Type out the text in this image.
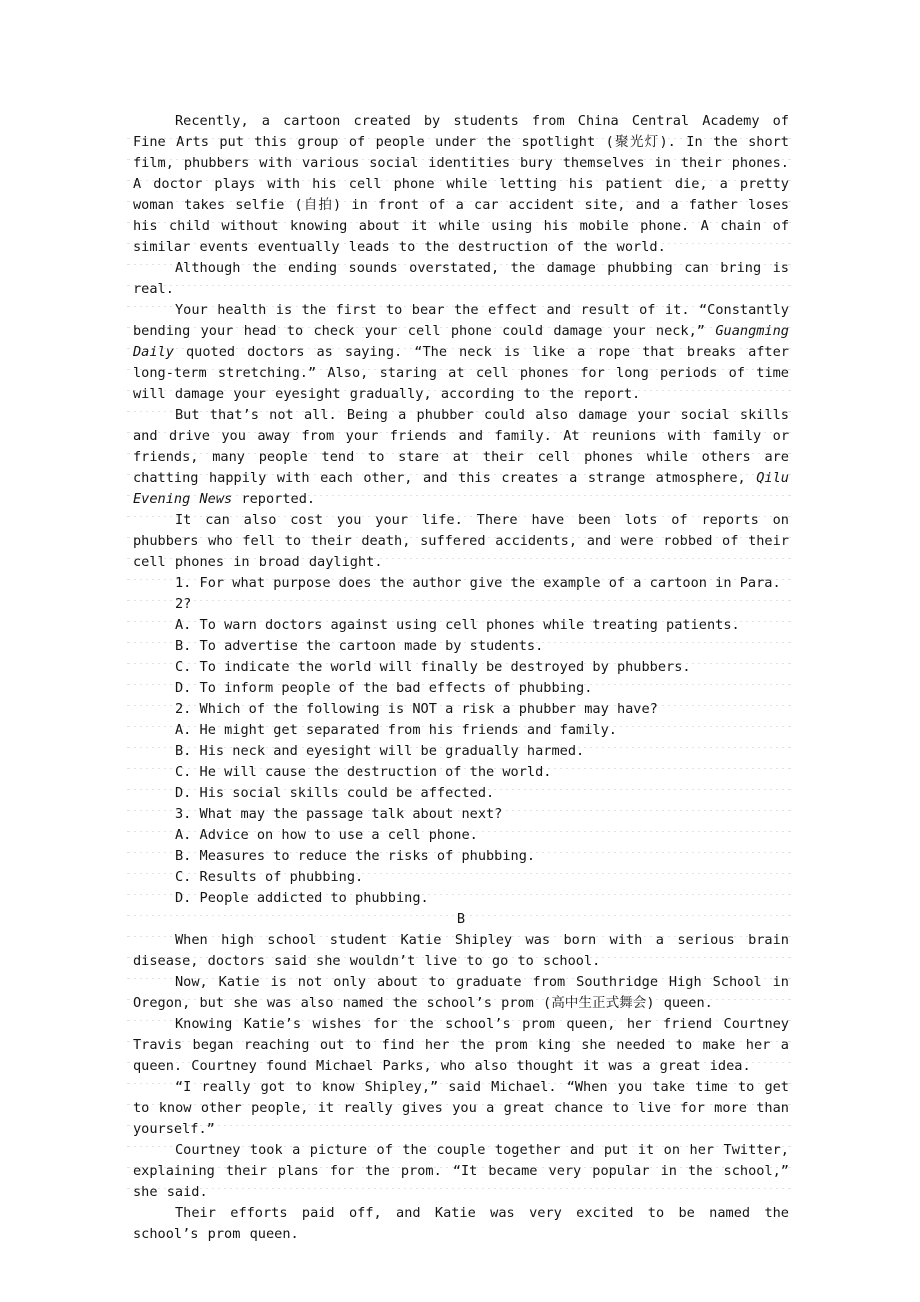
Recently, a cartoon created by students from China Central Academy of Fine Arts put this group of people under the spotlight (聚光灯). In the short film, phubbers with various social identities bury themselves in their phones. A doctor plays with his cell phone while letting his patient die, a pretty woman takes selfie (自拍) in front of a car accident site, and a father loses his child without knowing about it while using his mobile phone. A chain of similar events eventually leads to the destruction of the world.

Although the ending sounds overstated, the damage phubbing can bring is real.

Your health is the first to bear the effect and result of it. “Constantly bending your head to check your cell phone could damage your neck,” Guangming Daily quoted doctors as saying. “The neck is like a rope that breaks after long-term stretching.” Also, staring at cell phones for long periods of time will damage your eyesight gradually, according to the report.

But that’s not all. Being a phubber could also damage your social skills and drive you away from your friends and family. At reunions with family or friends, many people tend to stare at their cell phones while others are chatting happily with each other, and this creates a strange atmosphere, Qilu Evening News reported.

It can also cost you your life. There have been lots of reports on phubbers who fell to their death, suffered accidents, and were robbed of their cell phones in broad daylight.

1. For what purpose does the author give the example of a cartoon in Para. 2?
A. To warn doctors against using cell phones while treating patients.
B. To advertise the cartoon made by students.
C. To indicate the world will finally be destroyed by phubbers.
D. To inform people of the bad effects of phubbing.
2. Which of the following is NOT a risk a phubber may have?
A. He might get separated from his friends and family.
B. His neck and eyesight will be gradually harmed.
C. He will cause the destruction of the world.
D. His social skills could be affected.
3. What may the passage talk about next?
A. Advice on how to use a cell phone.
B. Measures to reduce the risks of phubbing.
C. Results of phubbing.
D. People addicted to phubbing.
B

When high school student Katie Shipley was born with a serious brain disease, doctors said she wouldn’t live to go to school.

Now, Katie is not only about to graduate from Southridge High School in Oregon, but she was also named the school’s prom (高中生正式舞会) queen.

Knowing Katie’s wishes for the school’s prom queen, her friend Courtney Travis began reaching out to find her the prom king she needed to make her a queen. Courtney found Michael Parks, who also thought it was a great idea.

“I really got to know Shipley,” said Michael. “When you take time to get to know other people, it really gives you a great chance to live for more than yourself.”

Courtney took a picture of the couple together and put it on her Twitter, explaining their plans for the prom. “It became very popular in the school,” she said.

Their efforts paid off, and Katie was very excited to be named the school’s prom queen.
